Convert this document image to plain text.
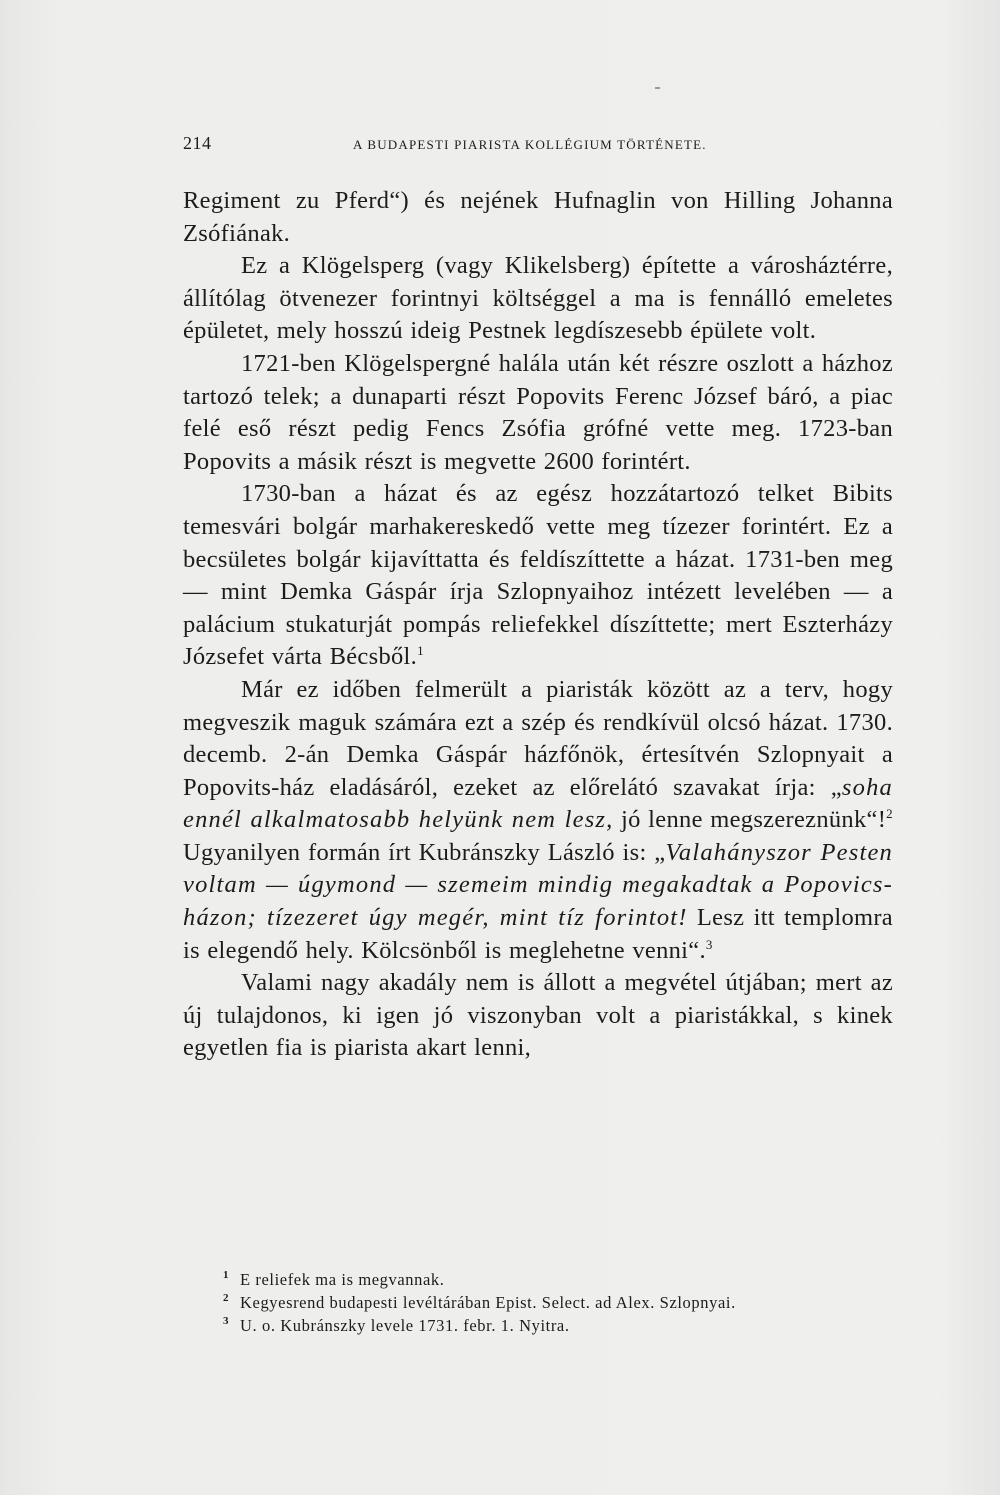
214	A BUDAPESTI PIARISTA KOLLÉGIUM TÖRTÉNETE.

Regiment zu Pferd“) és nejének Hufnaglin von Hilling Johanna Zsófiának.

Ez a Klögelsperg (vagy Klikelsberg) építette a városháztérre, állítólag ötvenezer forintnyi költséggel a ma is fennálló emeletes épületet, mely hosszú ideig Pestnek legdíszesebb épülete volt.

1721-ben Klögelspergné halála után két részre oszlott a házhoz tartozó telek; a dunaparti részt Popovits Ferenc József báró, a piac felé eső részt pedig Fencs Zsófia grófné vette meg. 1723-ban Popovits a másik részt is megvette 2600 forintért.

1730-ban a házat és az egész hozzátartozó telket Bibits temesvári bolgár marhakereskedő vette meg tízezer forintért. Ez a becsületes bolgár kijavíttatta és feldíszíttette a házat. 1731-ben meg — mint Demka Gáspár írja Szlopnyaihoz intézett levelében — a palácium stukaturját pompás reliefekkel díszíttette; mert Eszterházy Józsefet várta Bécsből.$^1$

Már ez időben felmerült a piaristák között az a terv, hogy megveszik maguk számára ezt a szép és rendkívül olcsó házat. 1730. decemb. 2-án Demka Gáspár házfőnök, értesítvén Szlopnyait a Popovits-ház eladásáról, ezeket az előrelátó szavakat írja: „soha ennél alkalmatosabb helyünk nem lesz, jó lenne megszereznünk“!$^2$ Ugyanilyen formán írt Kubránszky László is: „Valahányszor Pesten voltam — úgymond — szemeim mindig megakadtak a Popovics-házon; tízezeret úgy megér, mint tíz forintot! Lesz itt templomra is elegendő hely. Kölcsönből is meglehetne venni“.$^3$

Valami nagy akadály nem is állott a megvétel útjában; mert az új tulajdonos, ki igen jó viszonyban volt a piaristákkal, s kinek egyetlen fia is piarista akart lenni,

1 E reliefek ma is megvannak.
2 Kegyesrend budapesti levéltárában Epist. Select. ad Alex. Szlopnyai.
3 U. o. Kubránszky levele 1731. febr. 1. Nyitra.
